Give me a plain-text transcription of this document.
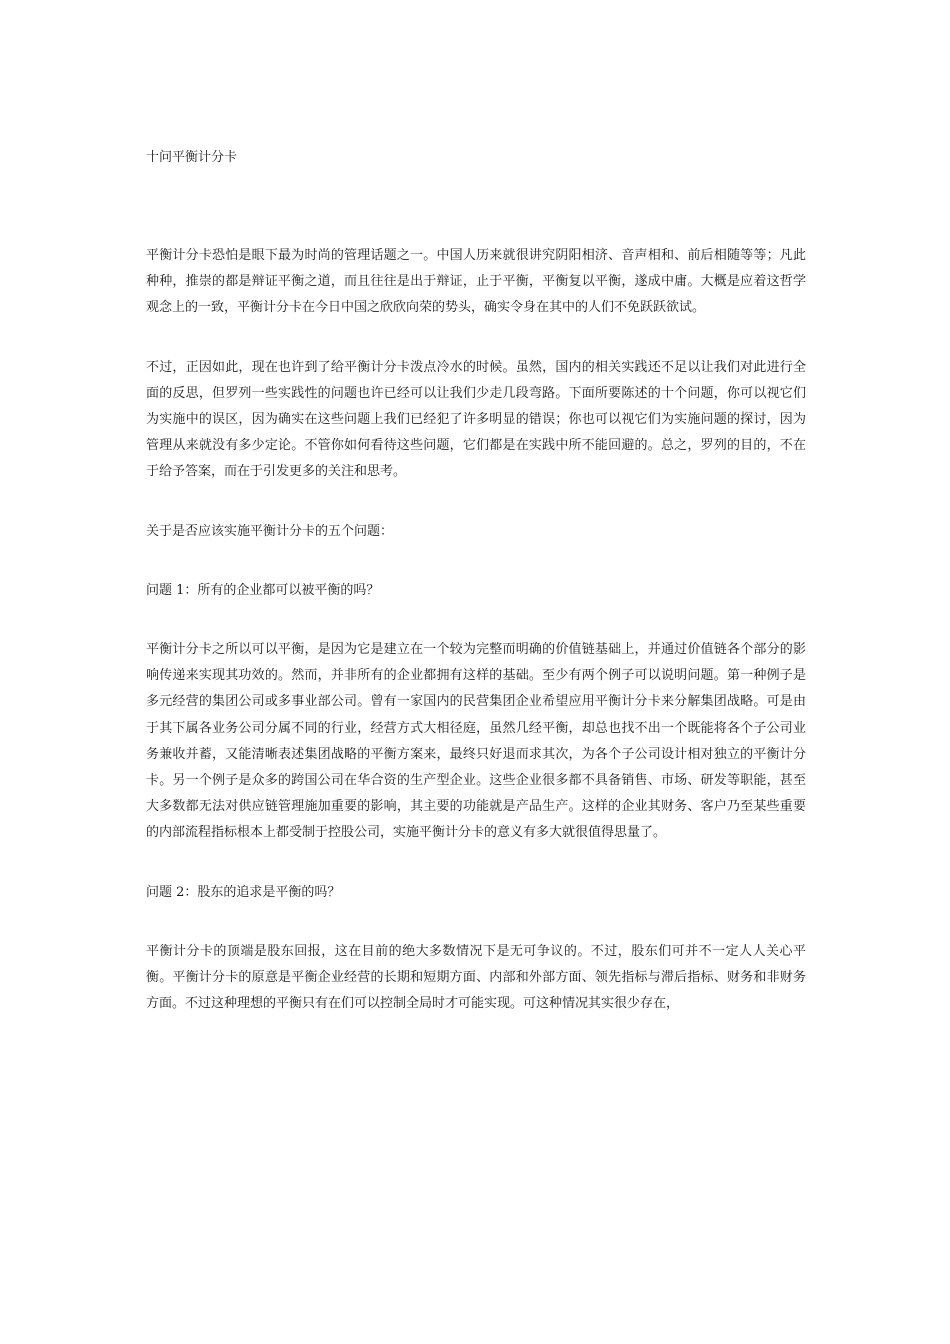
十问平衡计分卡

平衡计分卡恐怕是眼下最为时尚的管理话题之一。中国人历来就很讲究阴阳相济、音声相和、前后相随等等；凡此种种，推崇的都是辩证平衡之道，而且往往是出于辩证，止于平衡，平衡复以平衡，遂成中庸。大概是应着这哲学观念上的一致，平衡计分卡在今日中国之欣欣向荣的势头，确实令身在其中的人们不免跃跃欲试。

不过，正因如此，现在也许到了给平衡计分卡泼点冷水的时候。虽然，国内的相关实践还不足以让我们对此进行全面的反思，但罗列一些实践性的问题也许已经可以让我们少走几段弯路。下面所要陈述的十个问题，你可以视它们为实施中的误区，因为确实在这些问题上我们已经犯了许多明显的错误；你也可以视它们为实施问题的探讨，因为管理从来就没有多少定论。不管你如何看待这些问题，它们都是在实践中所不能回避的。总之，罗列的目的，不在于给予答案，而在于引发更多的关注和思考。

关于是否应该实施平衡计分卡的五个问题：

问题 1：所有的企业都可以被平衡的吗？

平衡计分卡之所以可以平衡，是因为它是建立在一个较为完整而明确的价值链基础上，并通过价值链各个部分的影响传递来实现其功效的。然而，并非所有的企业都拥有这样的基础。至少有两个例子可以说明问题。第一种例子是多元经营的集团公司或多事业部公司。曾有一家国内的民营集团企业希望应用平衡计分卡来分解集团战略。可是由于其下属各业务公司分属不同的行业，经营方式大相径庭，虽然几经平衡，却总也找不出一个既能将各个子公司业务兼收并蓄，又能清晰表述集团战略的平衡方案来，最终只好退而求其次，为各个子公司设计相对独立的平衡计分卡。另一个例子是众多的跨国公司在华合资的生产型企业。这些企业很多都不具备销售、市场、研发等职能，甚至大多数都无法对供应链管理施加重要的影响，其主要的功能就是产品生产。这样的企业其财务、客户乃至某些重要的内部流程指标根本上都受制于控股公司，实施平衡计分卡的意义有多大就很值得思量了。

问题 2：股东的追求是平衡的吗？

平衡计分卡的顶端是股东回报，这在目前的绝大多数情况下是无可争议的。不过，股东们可并不一定人人关心平衡。平衡计分卡的原意是平衡企业经营的长期和短期方面、内部和外部方面、领先指标与滞后指标、财务和非财务方面。不过这种理想的平衡只有在们可以控制全局时才可能实现。可这种情况其实很少存在，
